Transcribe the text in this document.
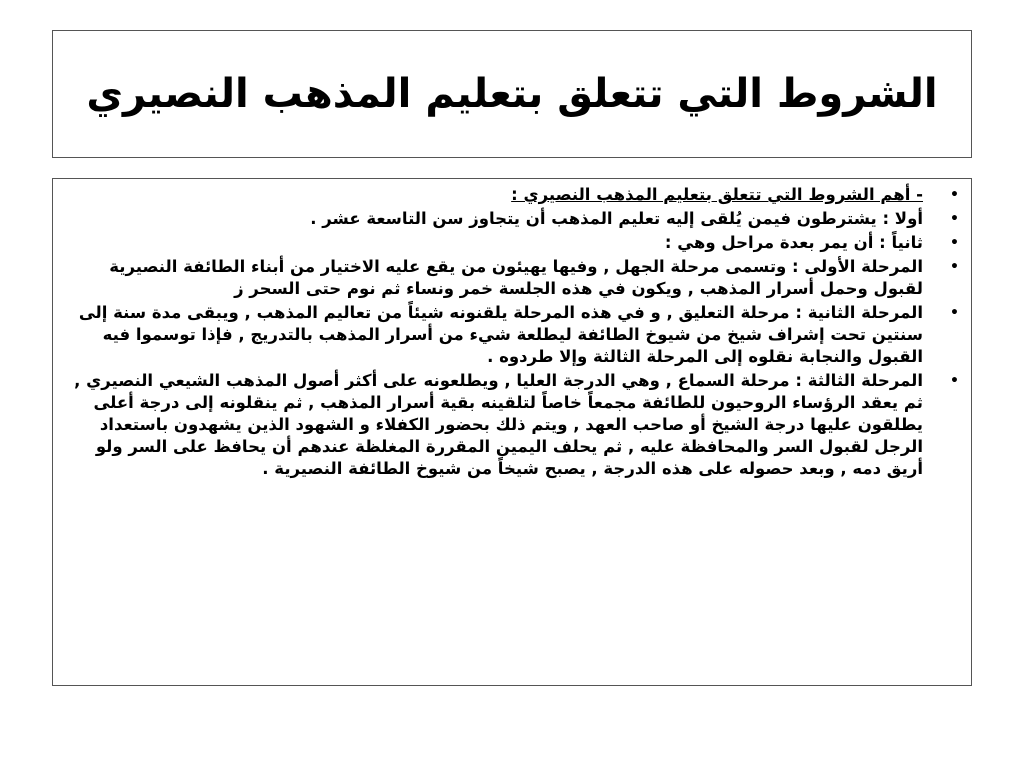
الشروط التي تتعلق بتعليم المذهب النصيري
•
- أهم الشروط التي تتعلق بتعليم المذهب النصيري :
•
أولا : يشترطون فيمن يُلقى إليه تعليم المذهب أن يتجاوز سن التاسعة عشر .
•
ثانياً : أن يمر بعدة مراحل وهي :
•
المرحلة الأولى : وتسمى مرحلة الجهل , وفيها يهيئون من يقع عليه الاختيار من أبناء الطائفة النصيرية لقبول وحمل أسرار المذهب , ويكون في هذه الجلسة خمر ونساء ثم نوم حتى السحر ز
•
المرحلة الثانية : مرحلة التعليق , و في هذه المرحلة يلقنونه شيئاً من تعاليم المذهب , ويبقى مدة سنة إلى سنتين تحت إشراف شيخ من شيوخ الطائفة ليطلعة شيء من أسرار المذهب بالتدريج , فإذا توسموا فيه القبول والنجابة نقلوه إلى المرحلة الثالثة وإلا طردوه .
•
المرحلة الثالثة : مرحلة السماع , وهي الدرجة العليا , ويطلعونه على أكثر أصول المذهب الشيعي النصيري , ثم يعقد الرؤساء الروحيون للطائفة مجمعاً خاصاً لتلقينه بقية أسرار المذهب , ثم ينقلونه إلى درجة أعلى يطلقون عليها درجة الشيخ أو صاحب العهد , ويتم ذلك بحضور الكفلاء و الشهود الذين يشهدون باستعداد الرجل لقبول السر والمحافظة عليه , ثم يحلف اليمين المقررة المغلظة عندهم أن يحافظ على السر ولو أريق دمه , وبعد حصوله على هذه الدرجة , يصبح شيخاً من شيوخ الطائفة النصيرية .
